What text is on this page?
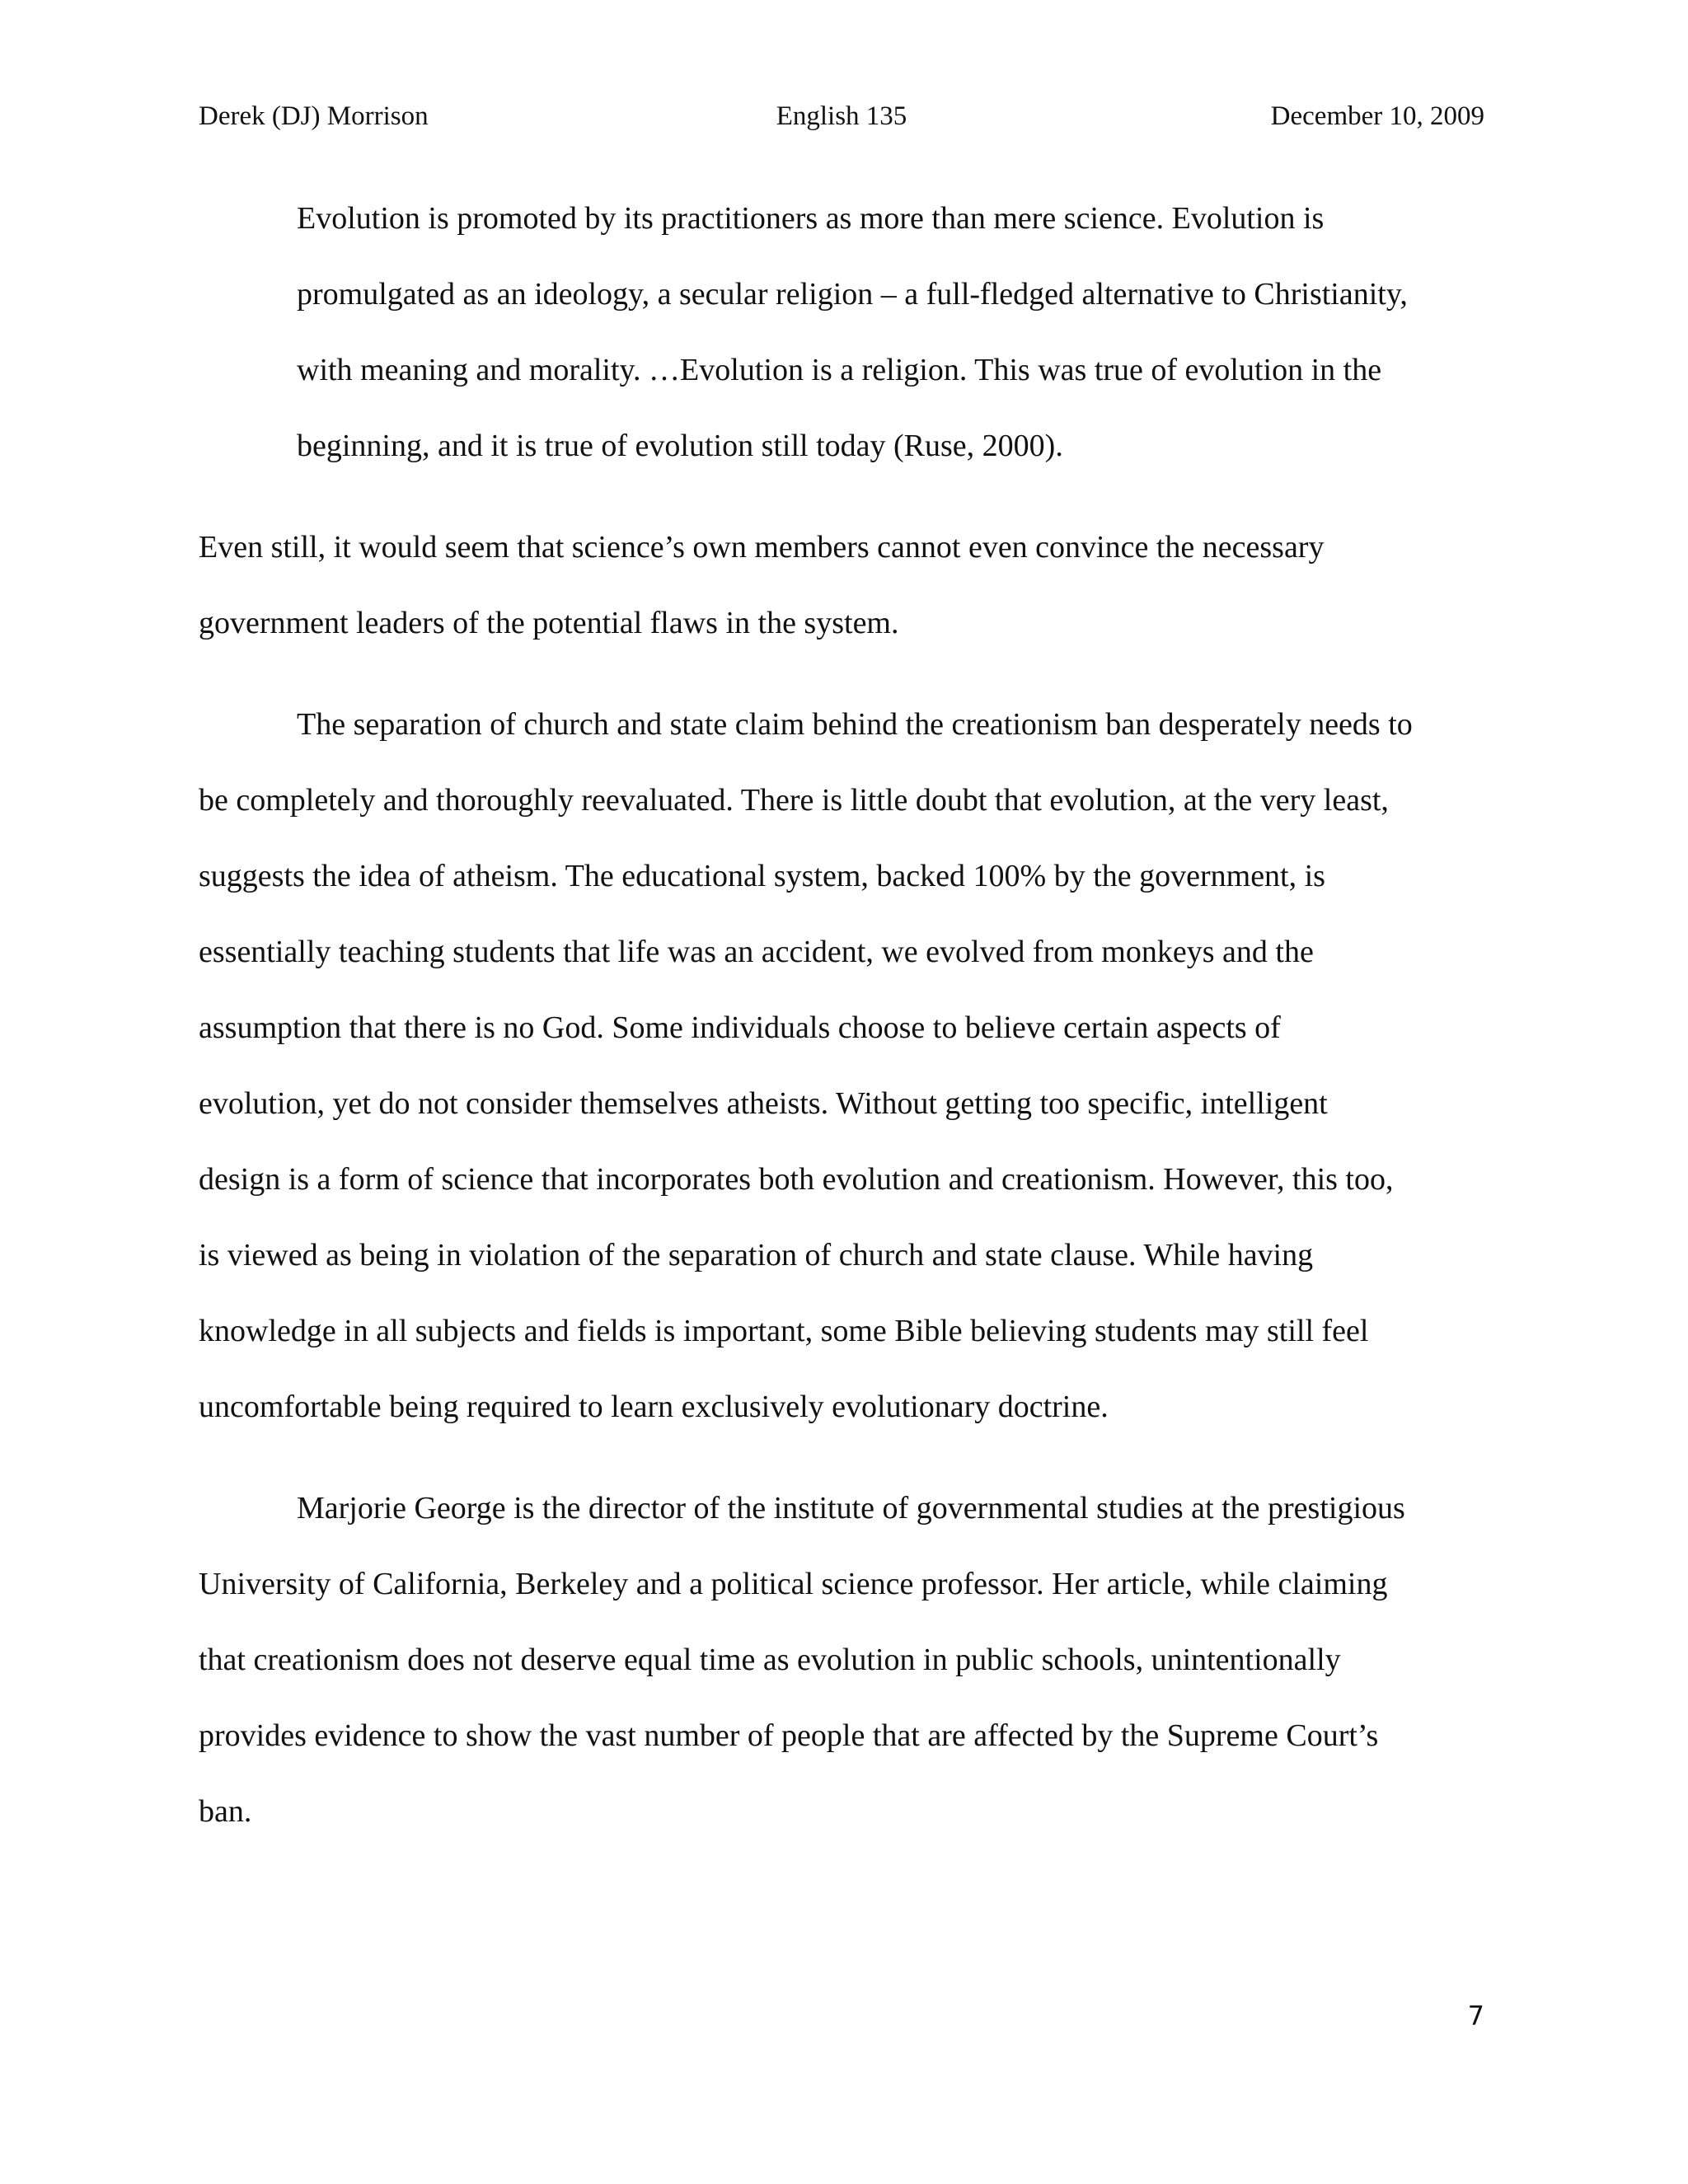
Derek (DJ) Morrison	English 135	December 10, 2009
Evolution is promoted by its practitioners as more than mere science. Evolution is
promulgated as an ideology, a secular religion – a full-fledged alternative to Christianity,
with meaning and morality. …Evolution is a religion. This was true of evolution in the
beginning, and it is true of evolution still today (Ruse, 2000).
Even still, it would seem that science’s own members cannot even convince the necessary
government leaders of the potential flaws in the system.
The separation of church and state claim behind the creationism ban desperately needs to
be completely and thoroughly reevaluated. There is little doubt that evolution, at the very least,
suggests the idea of atheism. The educational system, backed 100% by the government, is
essentially teaching students that life was an accident, we evolved from monkeys and the
assumption that there is no God. Some individuals choose to believe certain aspects of
evolution, yet do not consider themselves atheists. Without getting too specific, intelligent
design is a form of science that incorporates both evolution and creationism. However, this too,
is viewed as being in violation of the separation of church and state clause. While having
knowledge in all subjects and fields is important, some Bible believing students may still feel
uncomfortable being required to learn exclusively evolutionary doctrine.
Marjorie George is the director of the institute of governmental studies at the prestigious
University of California, Berkeley and a political science professor. Her article, while claiming
that creationism does not deserve equal time as evolution in public schools, unintentionally
provides evidence to show the vast number of people that are affected by the Supreme Court’s
ban.
7
